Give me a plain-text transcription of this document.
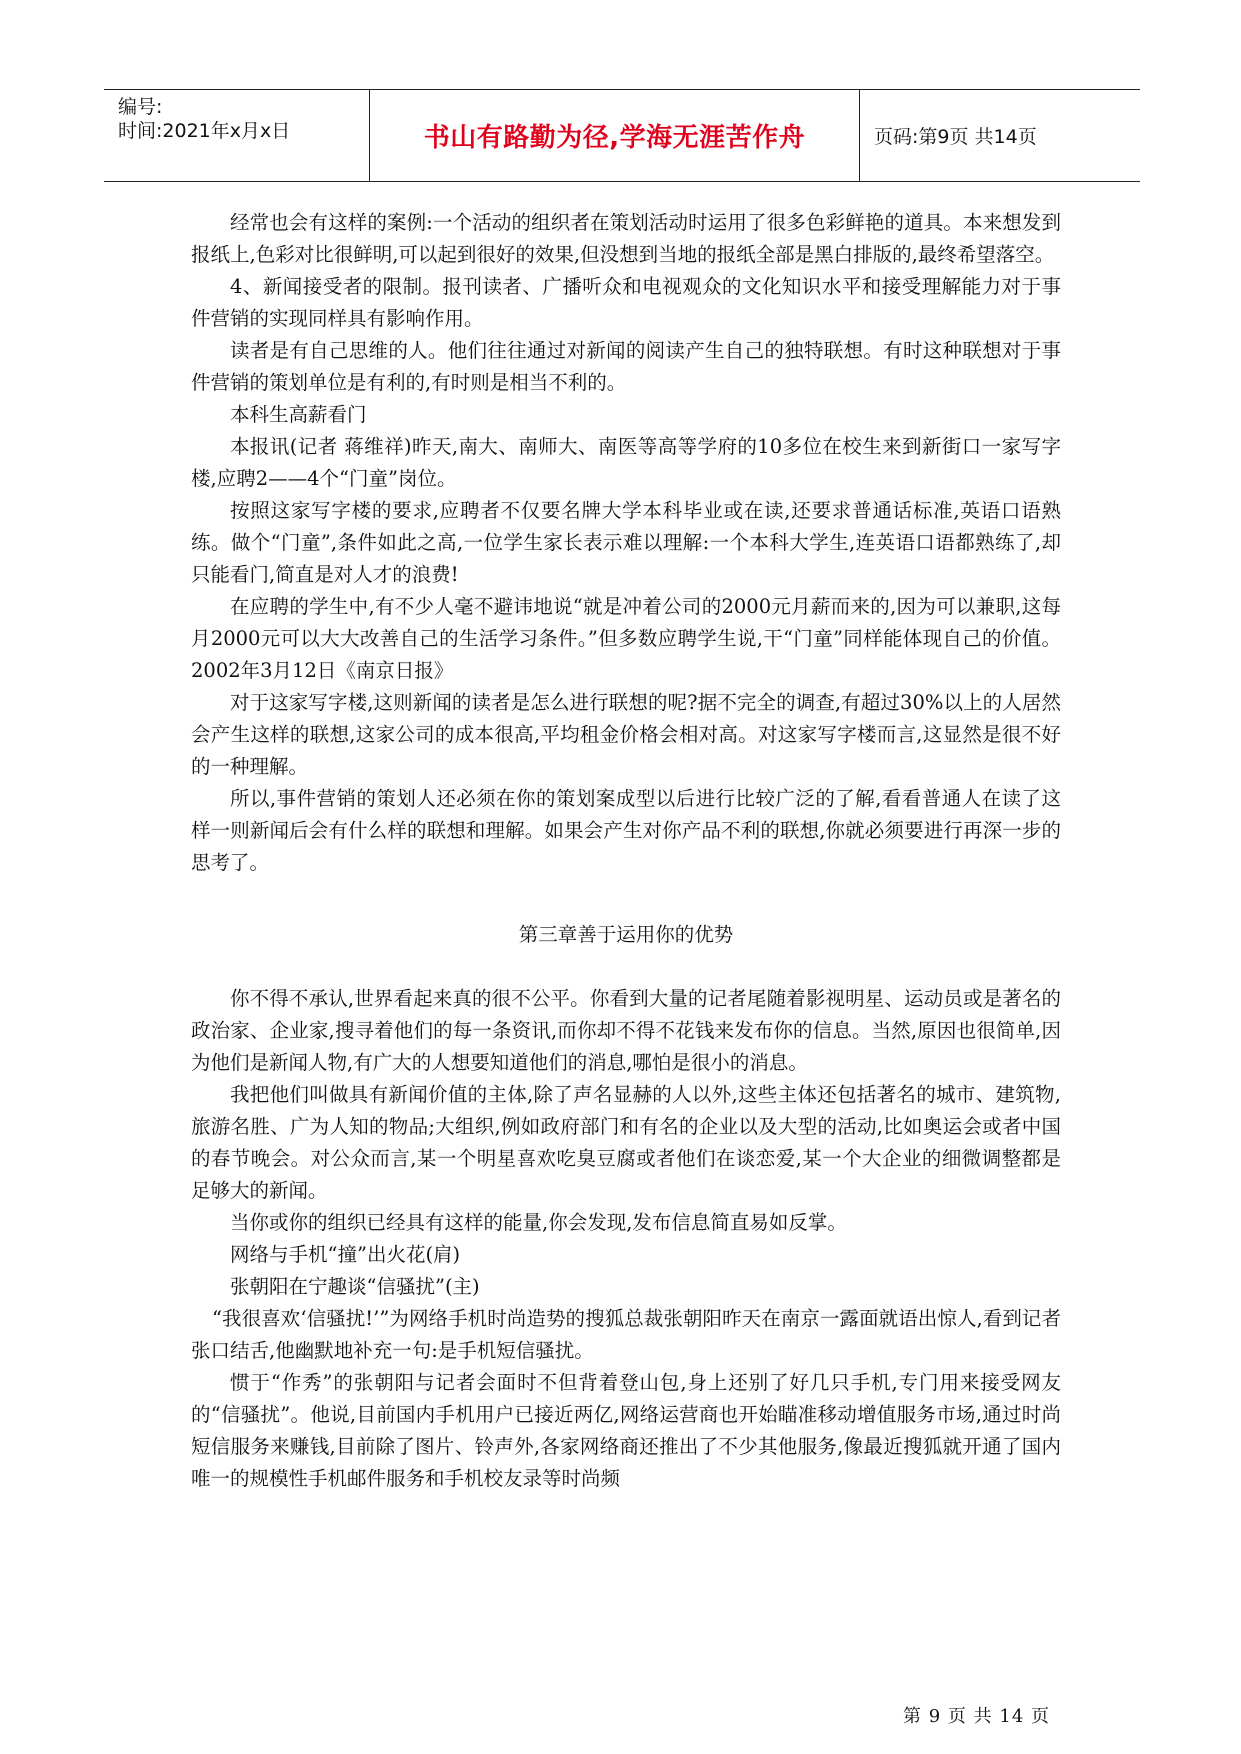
编号:
时间:2021年x月x日	书山有路勤为径,学海无涯苦作舟	页码:第9页 共14页

经常也会有这样的案例:一个活动的组织者在策划活动时运用了很多色彩鲜艳的道具。本来想发到报纸上,色彩对比很鲜明,可以起到很好的效果,但没想到当地的报纸全部是黑白排版的,最终希望落空。

4、新闻接受者的限制。报刊读者、广播听众和电视观众的文化知识水平和接受理解能力对于事件营销的实现同样具有影响作用。

读者是有自己思维的人。他们往往通过对新闻的阅读产生自己的独特联想。有时这种联想对于事件营销的策划单位是有利的,有时则是相当不利的。

本科生高薪看门

本报讯(记者 蒋维祥)昨天,南大、南师大、南医等高等学府的10多位在校生来到新街口一家写字楼,应聘2——4个“门童”岗位。

按照这家写字楼的要求,应聘者不仅要名牌大学本科毕业或在读,还要求普通话标准,英语口语熟练。做个“门童”,条件如此之高,一位学生家长表示难以理解:一个本科大学生,连英语口语都熟练了,却只能看门,简直是对人才的浪费!

在应聘的学生中,有不少人毫不避讳地说“就是冲着公司的2000元月薪而来的,因为可以兼职,这每月2000元可以大大改善自己的生活学习条件。”但多数应聘学生说,干“门童”同样能体现自己的价值。2002年3月12日《南京日报》

对于这家写字楼,这则新闻的读者是怎么进行联想的呢?据不完全的调查,有超过30%以上的人居然会产生这样的联想,这家公司的成本很高,平均租金价格会相对高。对这家写字楼而言,这显然是很不好的一种理解。

所以,事件营销的策划人还必须在你的策划案成型以后进行比较广泛的了解,看看普通人在读了这样一则新闻后会有什么样的联想和理解。如果会产生对你产品不利的联想,你就必须要进行再深一步的思考了。

第三章善于运用你的优势

你不得不承认,世界看起来真的很不公平。你看到大量的记者尾随着影视明星、运动员或是著名的政治家、企业家,搜寻着他们的每一条资讯,而你却不得不花钱来发布你的信息。当然,原因也很简单,因为他们是新闻人物,有广大的人想要知道他们的消息,哪怕是很小的消息。

我把他们叫做具有新闻价值的主体,除了声名显赫的人以外,这些主体还包括著名的城市、建筑物,旅游名胜、广为人知的物品;大组织,例如政府部门和有名的企业以及大型的活动,比如奥运会或者中国的春节晚会。对公众而言,某一个明星喜欢吃臭豆腐或者他们在谈恋爱,某一个大企业的细微调整都是足够大的新闻。

当你或你的组织已经具有这样的能量,你会发现,发布信息简直易如反掌。

网络与手机“撞”出火花(肩)

张朝阳在宁趣谈“信骚扰”(主)

“我很喜欢‘信骚扰!’”为网络手机时尚造势的搜狐总裁张朝阳昨天在南京一露面就语出惊人,看到记者张口结舌,他幽默地补充一句:是手机短信骚扰。

惯于“作秀”的张朝阳与记者会面时不但背着登山包,身上还别了好几只手机,专门用来接受网友的“信骚扰”。他说,目前国内手机用户已接近两亿,网络运营商也开始瞄准移动增值服务市场,通过时尚短信服务来赚钱,目前除了图片、铃声外,各家网络商还推出了不少其他服务,像最近搜狐就开通了国内唯一的规模性手机邮件服务和手机校友录等时尚频

第 9 页 共 14 页
